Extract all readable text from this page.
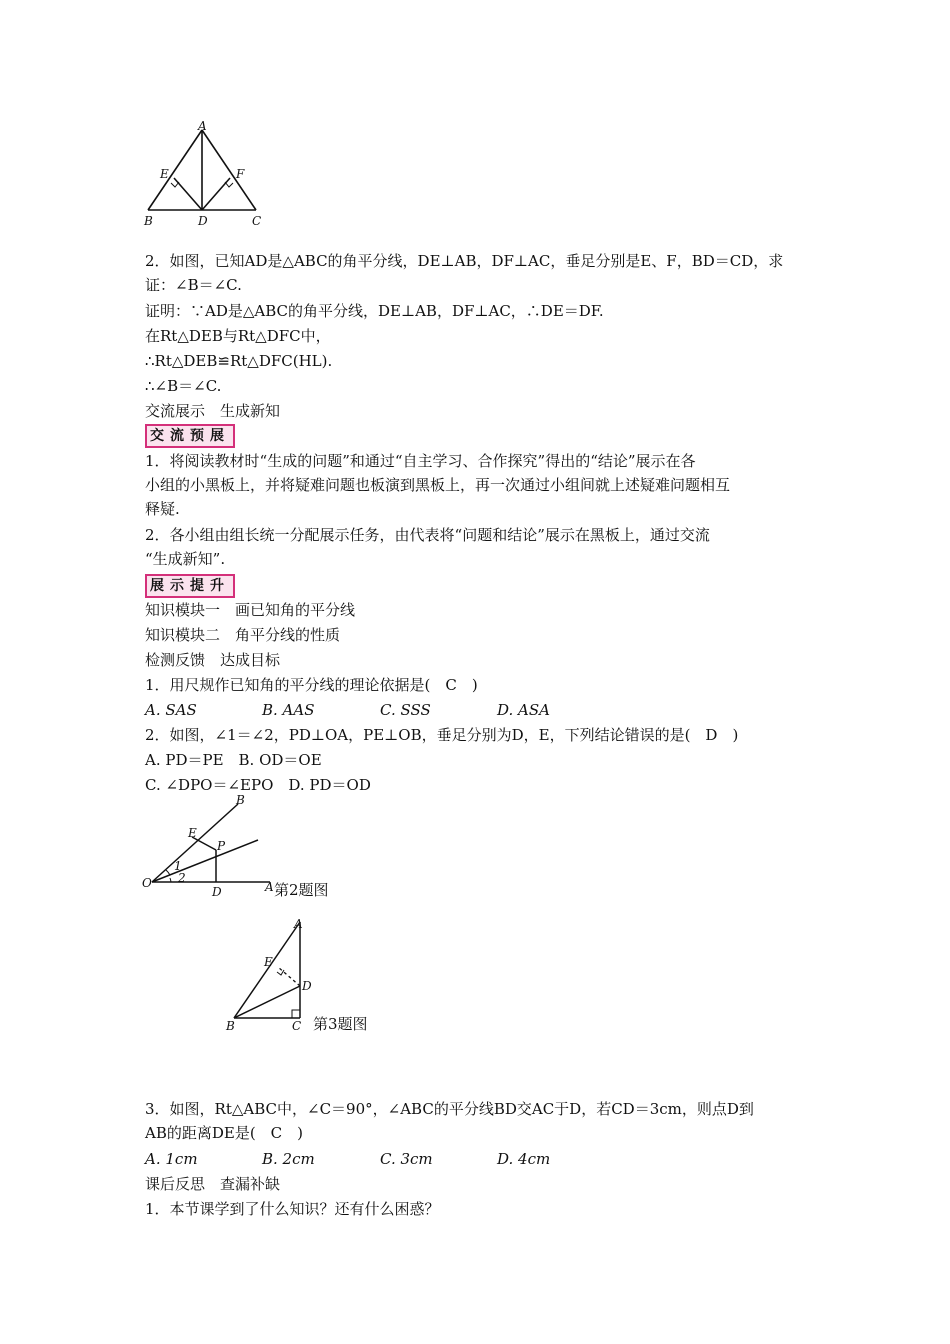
A
E	F
B	D	C
2．如图，已知AD是△ABC的角平分线，DE⊥AB，DF⊥AC，垂足分别是E、F，BD＝CD，求
证：∠B＝∠C.
证明：∵AD是△ABC的角平分线，DE⊥AB，DF⊥AC，∴DE＝DF.
在Rt△DEB与Rt△DFC中，
∴Rt△DEB≌Rt△DFC(HL).
∴∠B＝∠C.
交流展示　生成新知
交流预展
1．将阅读教材时“生成的问题”和通过“自主学习、合作探究”得出的“结论”展示在各
小组的小黑板上，并将疑难问题也板演到黑板上，再一次通过小组间就上述疑难问题相互
释疑.
2．各小组由组长统一分配展示任务，由代表将“问题和结论”展示在黑板上，通过交流
“生成新知”.
展示提升
知识模块一　画已知角的平分线
知识模块二　角平分线的性质
检测反馈　达成目标
1．用尺规作已知角的平分线的理论依据是(　C　)
A. SAS	B. AAS	C. SSS	D. ASA
2．如图，∠1＝∠2，PD⊥OA，PE⊥OB，垂足分别为D，E，下列结论错误的是(　D　)
A. PD＝PE　B. OD＝OE
C. ∠DPO＝∠EPO　D. PD＝OD
B
E
P
1
2
O
D	A 第2题图
A
E
D
B	C 第3题图
3．如图，Rt△ABC中，∠C＝90°，∠ABC的平分线BD交AC于D，若CD＝3cm，则点D到
AB的距离DE是(　C　)
A. 1cm	B. 2cm	C. 3cm	D. 4cm
课后反思　查漏补缺
1．本节课学到了什么知识？还有什么困惑？
